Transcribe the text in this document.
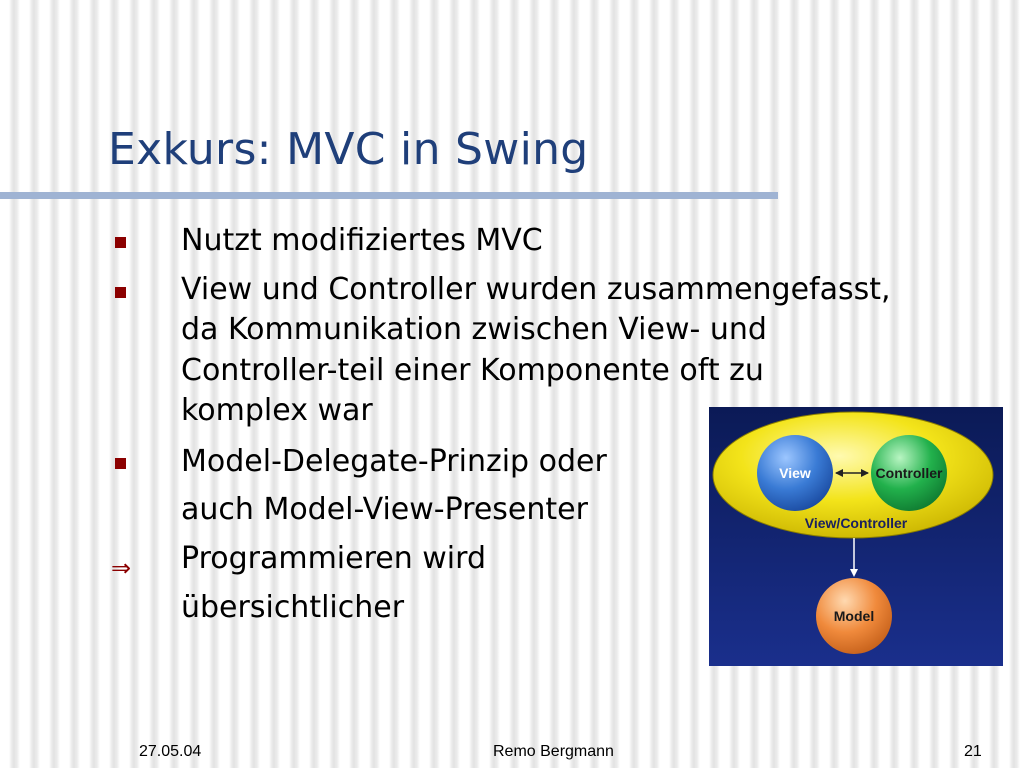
Exkurs: MVC in Swing
Nutzt modifiziertes MVC
View und Controller wurden zusammengefasst,
da Kommunikation zwischen View- und
Controller-teil einer Komponente oft zu
komplex war
Model-Delegate-Prinzip oder
auch Model-View-Presenter
⇒ Programmieren wird
übersichtlicher
View	Controller
View/Controller
Model
27.05.04	Remo Bergmann	21
